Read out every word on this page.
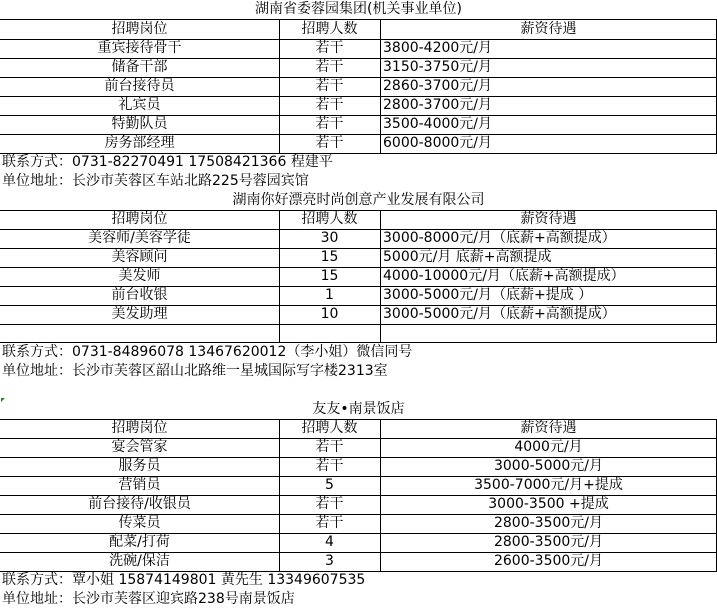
湖南省委蓉园集团(机关事业单位)
招聘岗位	招聘人数	薪资待遇
重宾接待骨干	若干	3800-4200元/月
储备干部	若干	3150-3750元/月
前台接待员	若干	2860-3700元/月
礼宾员	若干	2800-3700元/月
特勤队员	若干	3500-4000元/月
房务部经理	若干	6000-8000元/月
联系方式：0731-82270491 17508421366 程建平
单位地址：长沙市芙蓉区车站北路225号蓉园宾馆
湖南你好漂亮时尚创意产业发展有限公司
招聘岗位	招聘人数	薪资待遇
美容师/美容学徒	30	3000-8000元/月（底薪+高额提成）
美容顾问	15	5000元/月 底薪+高额提成
美发师	15	4000-10000元/月（底薪+高额提成）
前台收银	1	3000-5000元/月（底薪+提成 ）
美发助理	10	3000-5000元/月（底薪+高额提成）
联系方式：0731-84896078 13467620012（李小姐）微信同号
单位地址：长沙市芙蓉区韶山北路维一星城国际写字楼2313室
友友•南景饭店
招聘岗位	招聘人数	薪资待遇
宴会管家	若干	4000元/月
服务员	若干	3000-5000元/月
营销员	5	3500-7000元/月+提成
前台接待/收银员	若干	3000-3500 +提成
传菜员	若干	2800-3500元/月
配菜/打荷	4	2800-3500元/月
洗碗/保洁	3	2600-3500元/月
联系方式：覃小姐 15874149801 黄先生 13349607535
单位地址：长沙市芙蓉区迎宾路238号南景饭店
